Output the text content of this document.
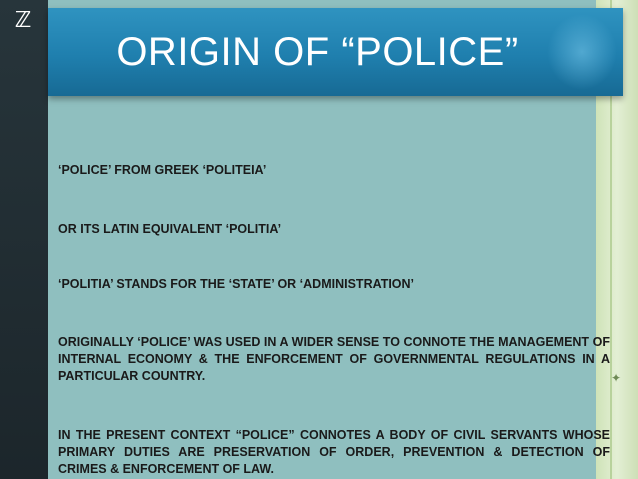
ℤ
✦
ORIGIN OF “POLICE”
‘POLICE’ FROM GREEK ‘POLITEIA’
OR ITS LATIN EQUIVALENT ‘POLITIA’
‘POLITIA’ STANDS FOR THE ‘STATE’ OR ‘ADMINISTRATION’
ORIGINALLY ‘POLICE’ WAS USED IN A WIDER SENSE TO CONNOTE THE MANAGEMENT OF INTERNAL ECONOMY & THE ENFORCEMENT OF GOVERNMENTAL REGULATIONS IN A PARTICULAR COUNTRY.
IN THE PRESENT CONTEXT “POLICE” CONNOTES A BODY OF CIVIL SERVANTS WHOSE PRIMARY DUTIES ARE PRESERVATION OF ORDER, PREVENTION & DETECTION OF CRIMES & ENFORCEMENT OF LAW.
